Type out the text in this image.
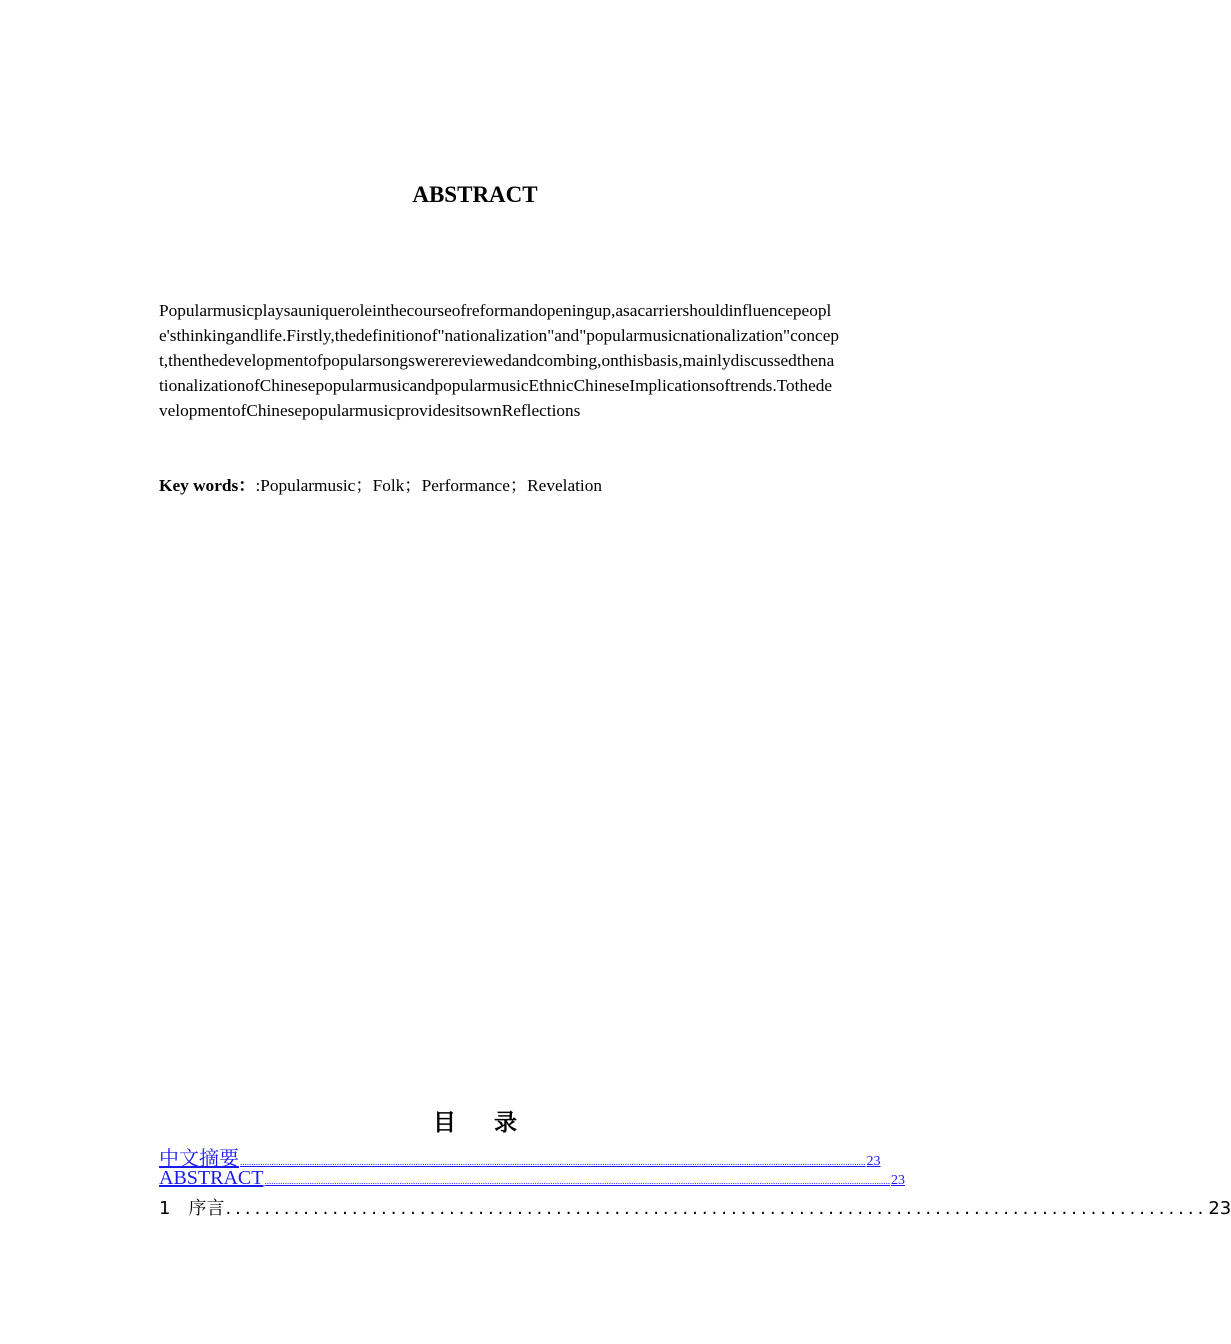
ABSTRACT

Popularmusicplaysauniqueroleinthecourseofreformandopeningup,asacarriershouldinfluencepeople'sthinkingandlife.Firstly,thedefinitionof"nationalization"and"popularmusicnationalization"concept,thenthedevelopmentofpopularsongswerereviewedandcombing,onthisbasis,mainlydiscussedthenationalizationofChinesepopularmusicandpopularmusicEthnicChineseImplicationsoftrends.TothedevelopmentofChinesepopularmusicprovidesitsownReflections

Key words：:Popularmusic；Folk；Performance；Revelation
目录
中文摘要 ...................................................................................................................................................................................................................................................................................... 23
ABSTRACT ...................................................................................................................................................................................................................................................................................... 23
1 序言 ..................................................................................................... 23
